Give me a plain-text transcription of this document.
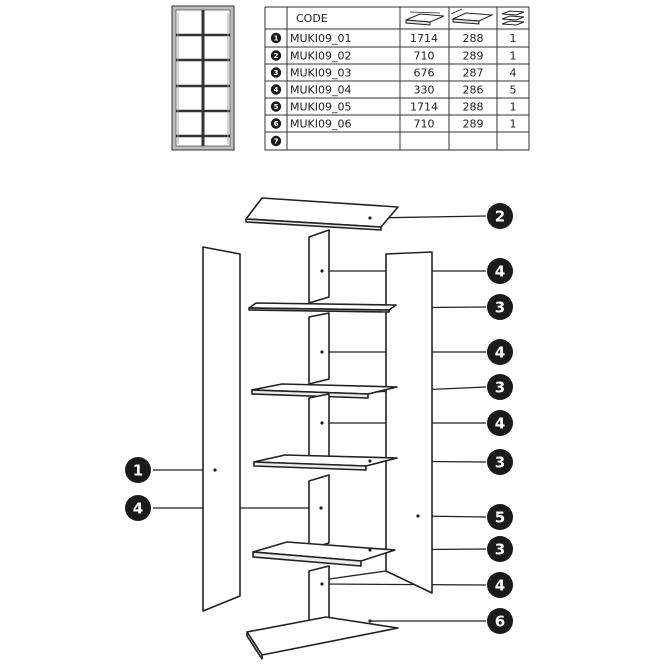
CODE
1 MUKI09_01	1714 288 1
2 MUKI09_02	710	289 1
3 MUKI09_03	676	287 4
4 MUKI09_04	330	286 5
5 MUKI09_05	1714 288 1
6 MUKI09_06	710	289 1
7
2
4
3
4
3
4
3
1
4	5
3
4
6
